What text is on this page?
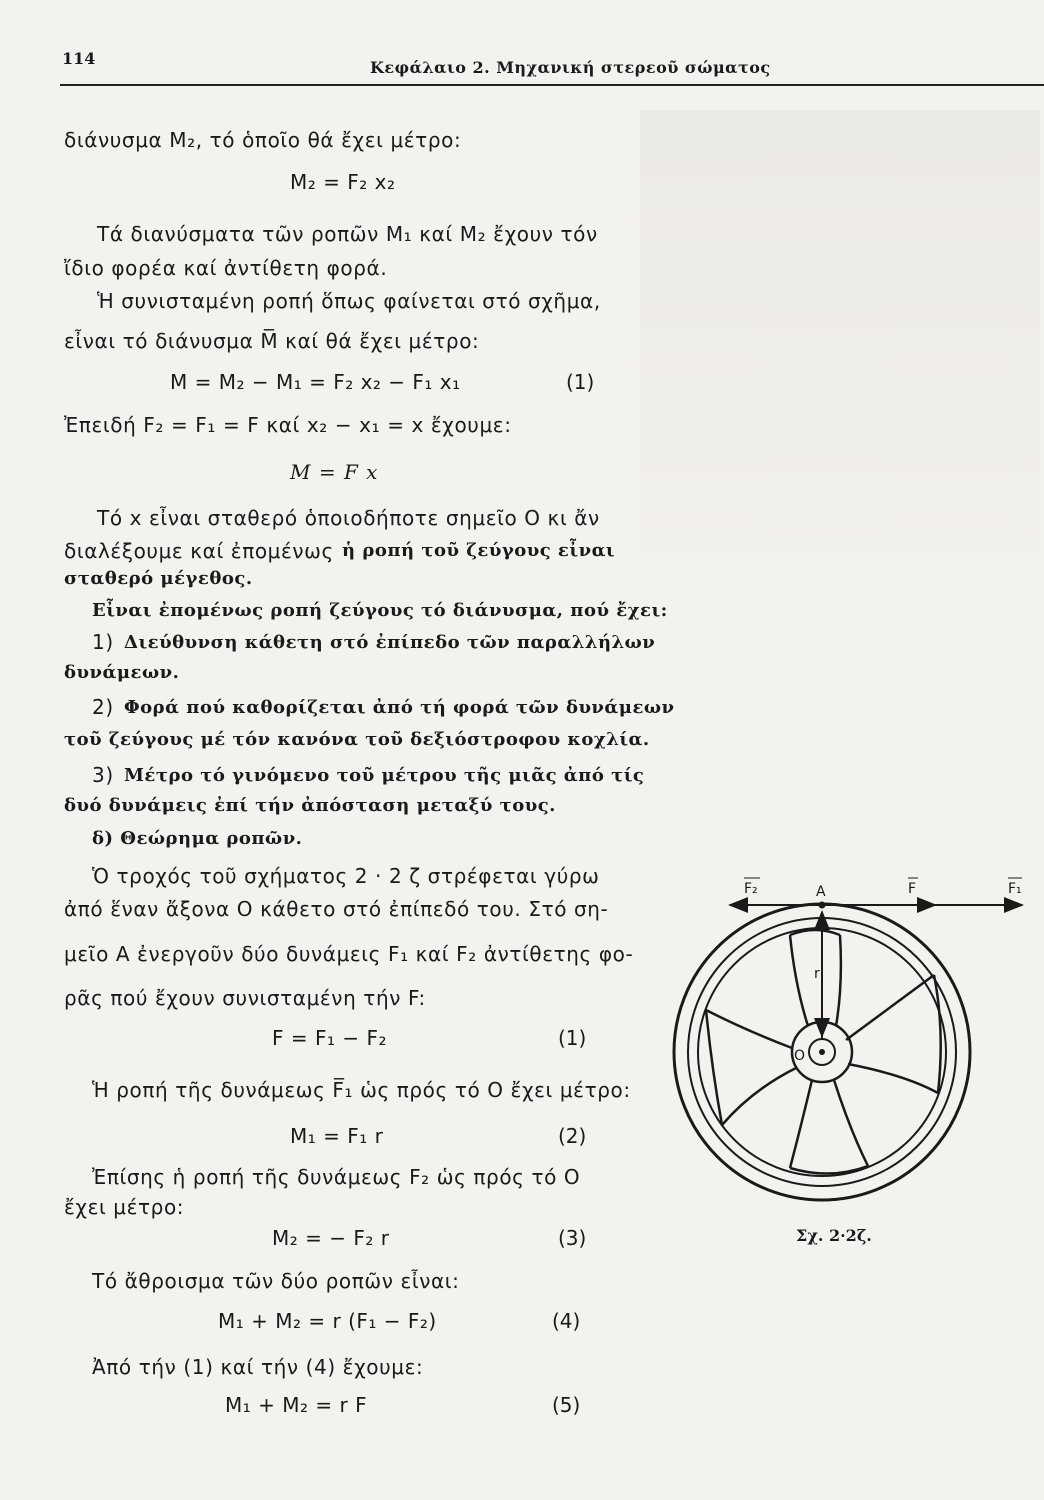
114	Κεφάλαιο 2. Μηχανική στερεοῦ σώματος
διάνυσμα M₂, τό ὁποῖο θά ἔχει μέτρο:
M₂ = F₂ x₂
Tά διανύσματα τῶν ροπῶν M₁ καί M₂ ἔχουν τόν
ἴδιο φορέα καί ἀντίθετη φορά.
Ἡ συνισταμένη ροπή ὅπως φαίνεται στό σχῆμα,
εἶναι τό διάνυσμα M̅ καί θά ἔχει μέτρο:
M = M₂ − M₁ = F₂ x₂ − F₁ x₁	(1)
Ἐπειδή F₂ = F₁ = F καί x₂ − x₁ = x ἔχουμε:
M = F x
Tό x εἶναι σταθερό ὁποιοδήποτε σημεῖο O κι ἄν
διαλέξουμε καί ἐπομένως ἡ ροπή τοῦ ζεύγους εἶναι
σταθερό μέγεθος.
Εἶναι ἐπομένως ροπή ζεύγους τό διάνυσμα, πού ἔχει:
1) Διεύθυνση κάθετη στό ἐπίπεδο τῶν παραλλήλων
δυνάμεων.
2) Φορά πού καθορίζεται ἀπό τή φορά τῶν δυνάμεων
τοῦ ζεύγους μέ τόν κανόνα τοῦ δεξιόστροφου κοχλία.
3) Μέτρο τό γινόμενο τοῦ μέτρου τῆς μιᾶς ἀπό τίς
δυό δυνάμεις ἐπί τήν ἀπόσταση μεταξύ τους.
δ) Θεώρημα ροπῶν.
Ὁ τροχός τοῦ σχήματος 2 · 2 ζ στρέφεται γύρω
ἀπό ἕναν ἄξονα O κάθετο στό ἐπίπεδό του. Στό ση-
μεῖο A ἐνεργοῦν δύο δυνάμεις F₁ καί F₂ ἀντίθετης φο-
ρᾶς πού ἔχουν συνισταμένη τήν F:
F = F₁ − F₂	(1)
Ἡ ροπή τῆς δυνάμεως F̅₁ ὡς πρός τό O ἔχει μέτρο:
M₁ = F₁ r	(2)
Ἐπίσης ἡ ροπή τῆς δυνάμεως F₂ ὡς πρός τό O
ἔχει μέτρο:
M₂ = − F₂ r	(3)
Tό ἄθροισμα τῶν δύο ροπῶν εἶναι:
M₁ + M₂ = r (F₁ − F₂)	(4)
Ἀπό τήν (1) καί τήν (4) ἔχουμε:
M₁ + M₂ = r F	(5)
F₂	A	F	F₁
r
O
Σχ. 2·2ζ.
